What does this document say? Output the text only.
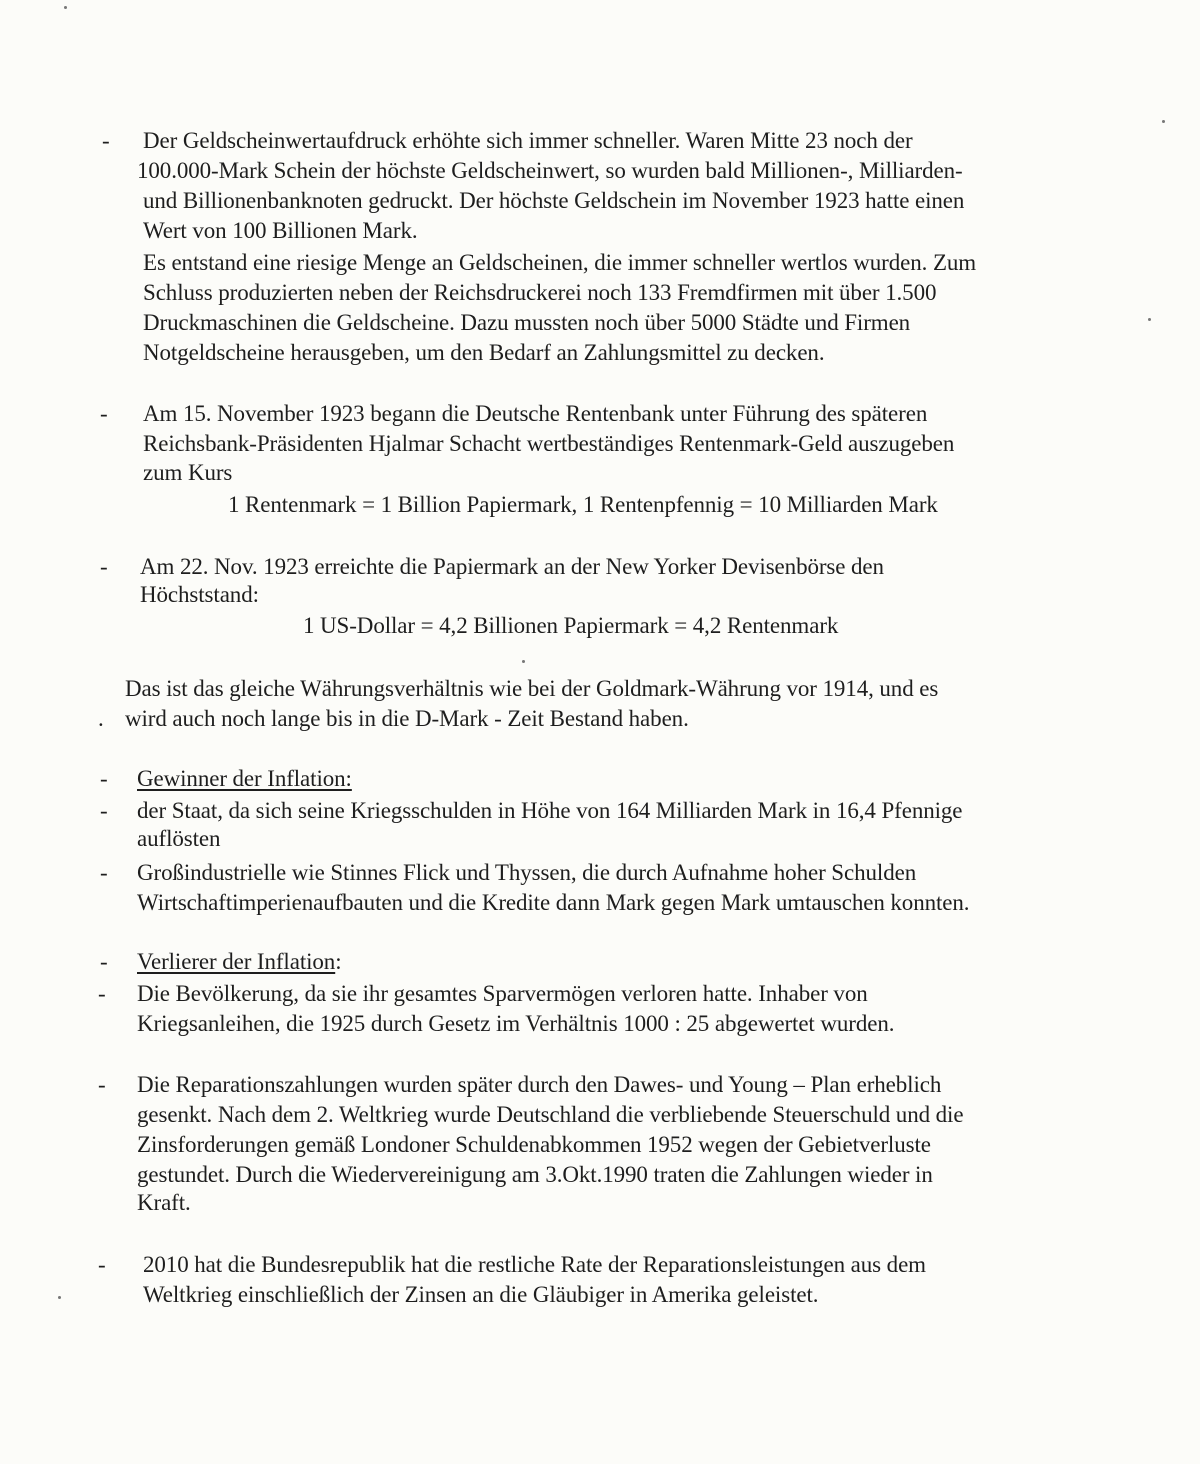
- Der Geldscheinwertaufdruck erhöhte sich immer schneller. Waren Mitte 23 noch der
100.000-Mark Schein der höchste Geldscheinwert, so wurden bald Millionen-, Milliarden-
und Billionenbanknoten gedruckt. Der höchste Geldschein im November 1923 hatte einen
Wert von 100 Billionen Mark.
Es entstand eine riesige Menge an Geldscheinen, die immer schneller wertlos wurden. Zum
Schluss produzierten neben der Reichsdruckerei noch 133 Fremdfirmen mit über 1.500
Druckmaschinen die Geldscheine. Dazu mussten noch über 5000 Städte und Firmen
Notgeldscheine herausgeben, um den Bedarf an Zahlungsmittel zu decken.
- Am 15. November 1923 begann die Deutsche Rentenbank unter Führung des späteren
Reichsbank-Präsidenten Hjalmar Schacht wertbeständiges Rentenmark-Geld auszugeben
zum Kurs
1 Rentenmark = 1 Billion Papiermark, 1 Rentenpfennig = 10 Milliarden Mark
- Am 22. Nov. 1923 erreichte die Papiermark an der New Yorker Devisenbörse den
Höchststand:
1 US-Dollar = 4,2 Billionen Papiermark = 4,2 Rentenmark
Das ist das gleiche Währungsverhältnis wie bei der Goldmark-Währung vor 1914, und es
. wird auch noch lange bis in die D-Mark - Zeit Bestand haben.
- Gewinner der Inflation:
- der Staat, da sich seine Kriegsschulden in Höhe von 164 Milliarden Mark in 16,4 Pfennige
auflösten
- Großindustrielle wie Stinnes Flick und Thyssen, die durch Aufnahme hoher Schulden
Wirtschaftimperienaufbauten und die Kredite dann Mark gegen Mark umtauschen konnten.
- Verlierer der Inflation:
- Die Bevölkerung, da sie ihr gesamtes Sparvermögen verloren hatte. Inhaber von
Kriegsanleihen, die 1925 durch Gesetz im Verhältnis 1000 : 25 abgewertet wurden.
- Die Reparationszahlungen wurden später durch den Dawes- und Young – Plan erheblich
gesenkt. Nach dem 2. Weltkrieg wurde Deutschland die verbliebende Steuerschuld und die
Zinsforderungen gemäß Londoner Schuldenabkommen 1952 wegen der Gebietverluste
gestundet. Durch die Wiedervereinigung am 3.Okt.1990 traten die Zahlungen wieder in
Kraft.
- 2010 hat die Bundesrepublik hat die restliche Rate der Reparationsleistungen aus dem
Weltkrieg einschließlich der Zinsen an die Gläubiger in Amerika geleistet.
